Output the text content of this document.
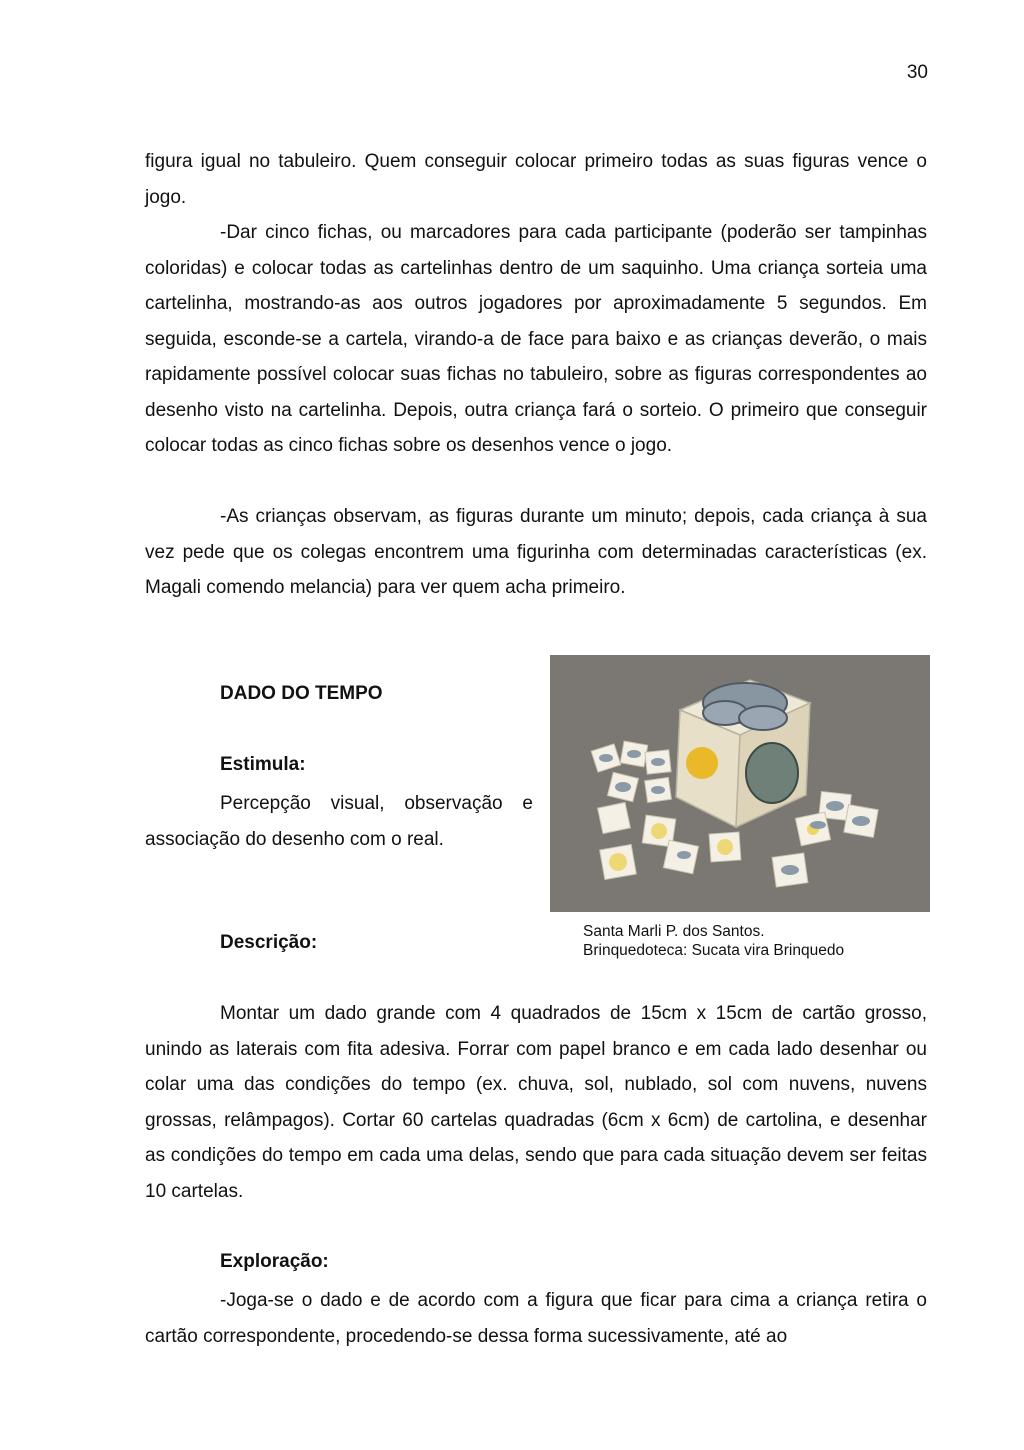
30

figura igual no tabuleiro. Quem conseguir colocar primeiro todas as suas figuras vence o jogo.

-Dar cinco fichas, ou marcadores para cada participante (poderão ser tampinhas coloridas) e colocar todas as cartelinhas dentro de um saquinho. Uma criança sorteia uma cartelinha, mostrando-as aos outros jogadores por aproximadamente 5 segundos. Em seguida, esconde-se a cartela, virando-a de face para baixo e as crianças deverão, o mais rapidamente possível colocar suas fichas no tabuleiro, sobre as figuras correspondentes ao desenho visto na cartelinha. Depois, outra criança fará o sorteio. O primeiro que conseguir colocar todas as cinco fichas sobre os desenhos vence o jogo.

-As crianças observam, as figuras durante um minuto; depois, cada criança à sua vez pede que os colegas encontrem uma figurinha com determinadas características (ex. Magali comendo melancia) para ver quem acha primeiro.

DADO DO TEMPO

Estimula:

Percepção visual, observação e associação do desenho com o real.

Descrição:

Santa Marli P. dos Santos.
Brinquedoteca: Sucata vira Brinquedo

Montar um dado grande com 4 quadrados de 15cm x 15cm de cartão grosso, unindo as laterais com fita adesiva. Forrar com papel branco e em cada lado desenhar ou colar uma das condições do tempo (ex. chuva, sol, nublado, sol com nuvens, nuvens grossas, relâmpagos). Cortar 60 cartelas quadradas (6cm x 6cm) de cartolina, e desenhar as condições do tempo em cada uma delas, sendo que para cada situação devem ser feitas 10 cartelas.

Exploração:

-Joga-se o dado e de acordo com a figura que ficar para cima a criança retira o cartão correspondente, procedendo-se dessa forma sucessivamente, até ao
